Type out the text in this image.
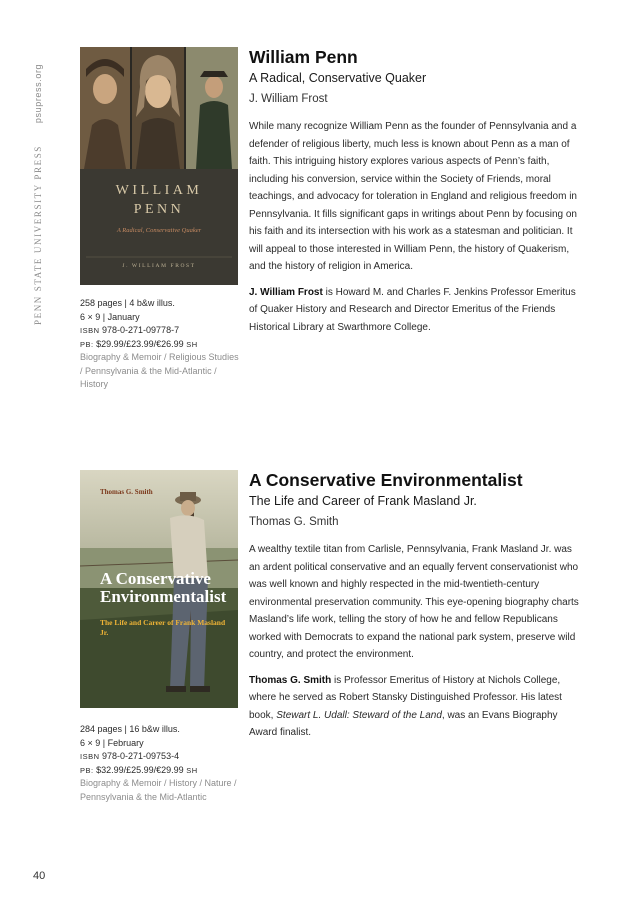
PENN STATE UNIVERSITY PRESSpsupress.org
WILLIAM
PENN
A Radical, Conservative Quaker
J. WILLIAM FROST
258 pages | 4 b&w illus.
6 × 9 | January
ISBN 978-0-271-09778-7
PB: $29.99/£23.99/€26.99 SH
Biography & Memoir / Religious Studies / Pennsylvania & the Mid-Atlantic / History
William Penn
A Radical, Conservative Quaker
J. William Frost

While many recognize William Penn as the founder of Pennsylvania and a defender of religious liberty, much less is known about Penn as a man of faith. This intriguing history explores various aspects of Penn’s faith, including his conversion, service within the Society of Friends, moral teachings, and advocacy for toleration in England and religious freedom in Pennsylvania. It fills significant gaps in writings about Penn by focusing on his faith and its intersection with his work as a statesman and politician. It will appeal to those interested in William Penn, the history of Quakerism, and the history of religion in America.

J. William Frost is Howard M. and Charles F. Jenkins Professor Emeritus of Quaker History and Research and Director Emeritus of the Friends Historical Library at Swarthmore College.

Thomas G. Smith
A Conservative Environmentalist
The Life and Career of Frank Masland Jr.
284 pages | 16 b&w illus.
6 × 9 | February
ISBN 978-0-271-09753-4
PB: $32.99/£25.99/€29.99 SH
Biography & Memoir / History / Nature / Pennsylvania & the Mid-Atlantic
A Conservative Environmentalist
The Life and Career of Frank Masland Jr.
Thomas G. Smith

A wealthy textile titan from Carlisle, Pennsylvania, Frank Masland Jr. was an ardent political conservative and an equally fervent conservationist who was well known and highly respected in the mid-twentieth-century environmental preservation community. This eye-opening biography charts Masland’s life work, telling the story of how he and fellow Republicans worked with Democrats to expand the national park system, preserve wild country, and protect the environment.

Thomas G. Smith is Professor Emeritus of History at Nichols College, where he served as Robert Stansky Distinguished Professor. His latest book, Stewart L. Udall: Steward of the Land, was an Evans Biography Award finalist.

40
